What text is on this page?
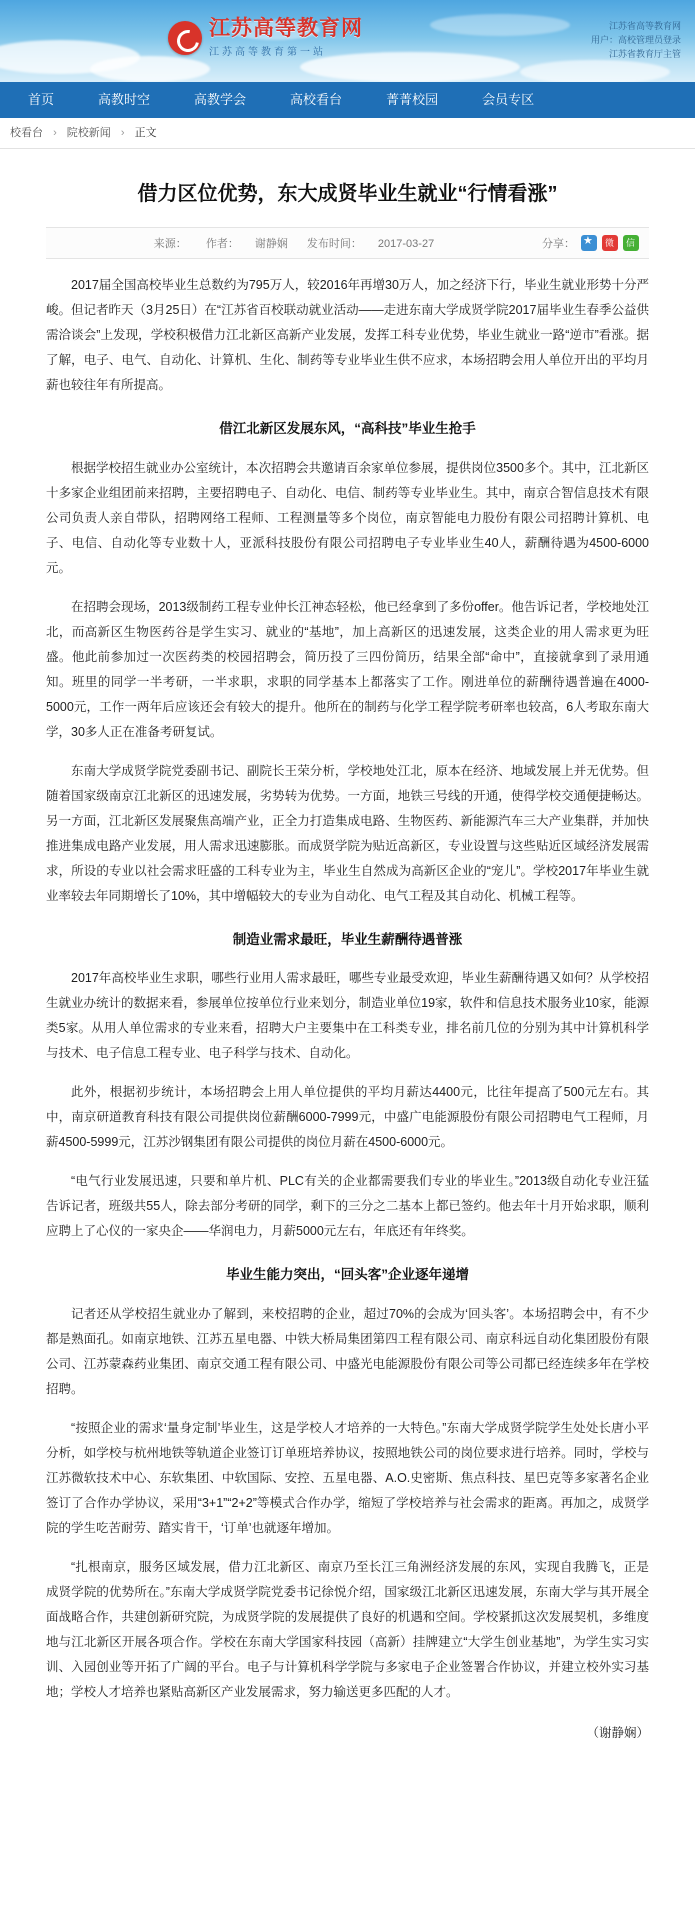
江苏高等教育网
江苏高等教育第一站
江苏省高等教育网
用户：高校管理员登录
江苏省教育厅主管
首页	高教时空	高教学会	高校看台	菁菁校园	会员专区
校看台 › 院校新闻 › 正文
借力区位优势，东大成贤毕业生就业“行情看涨”
来源： 作者： 谢静娴 发布时间： 2017-03-27	分享：
★
微
信

2017届全国高校毕业生总数约为795万人，较2016年再增30万人，加之经济下行，毕业生就业形势十分严峻。但记者昨天（3月25日）在“江苏省百校联动就业活动——走进东南大学成贤学院2017届毕业生春季公益供需洽谈会”上发现，学校积极借力江北新区高新产业发展，发挥工科专业优势，毕业生就业一路“逆市”看涨。据了解，电子、电气、自动化、计算机、生化、制药等专业毕业生供不应求，本场招聘会用人单位开出的平均月薪也较往年有所提高。

借江北新区发展东风，“高科技”毕业生抢手

根据学校招生就业办公室统计，本次招聘会共邀请百余家单位参展，提供岗位3500多个。其中，江北新区十多家企业组团前来招聘，主要招聘电子、自动化、电信、制药等专业毕业生。其中，南京合智信息技术有限公司负责人亲自带队，招聘网络工程师、工程测量等多个岗位，南京智能电力股份有限公司招聘计算机、电子、电信、自动化等专业数十人，亚派科技股份有限公司招聘电子专业毕业生40人，薪酬待遇为4500-6000元。

在招聘会现场，2013级制药工程专业仲长江神态轻松，他已经拿到了多份offer。他告诉记者，学校地处江北，而高新区生物医药谷是学生实习、就业的“基地”，加上高新区的迅速发展，这类企业的用人需求更为旺盛。他此前参加过一次医药类的校园招聘会，简历投了三四份简历，结果全部“命中”，直接就拿到了录用通知。班里的同学一半考研，一半求职，求职的同学基本上都落实了工作。刚进单位的薪酬待遇普遍在4000-5000元，工作一两年后应该还会有较大的提升。他所在的制药与化学工程学院考研率也较高，6人考取东南大学，30多人正在准备考研复试。

东南大学成贤学院党委副书记、副院长王荣分析，学校地处江北，原本在经济、地域发展上并无优势。但随着国家级南京江北新区的迅速发展，劣势转为优势。一方面，地铁三号线的开通，使得学校交通便捷畅达。另一方面，江北新区发展聚焦高端产业，正全力打造集成电路、生物医药、新能源汽车三大产业集群，并加快推进集成电路产业发展，用人需求迅速膨胀。而成贤学院为贴近高新区，专业设置与这些贴近区域经济发展需求，所设的专业以社会需求旺盛的工科专业为主，毕业生自然成为高新区企业的“宠儿”。学校2017年毕业生就业率较去年同期增长了10%，其中增幅较大的专业为自动化、电气工程及其自动化、机械工程等。

制造业需求最旺，毕业生薪酬待遇普涨

2017年高校毕业生求职，哪些行业用人需求最旺，哪些专业最受欢迎，毕业生薪酬待遇又如何？从学校招生就业办统计的数据来看，参展单位按单位行业来划分，制造业单位19家，软件和信息技术服务业10家，能源类5家。从用人单位需求的专业来看，招聘大户主要集中在工科类专业，排名前几位的分别为其中计算机科学与技术、电子信息工程专业、电子科学与技术、自动化。

此外，根据初步统计，本场招聘会上用人单位提供的平均月薪达4400元，比往年提高了500元左右。其中，南京研道教育科技有限公司提供岗位薪酬6000-7999元，中盛广电能源股份有限公司招聘电气工程师，月薪4500-5999元，江苏沙钢集团有限公司提供的岗位月薪在4500-6000元。

“电气行业发展迅速，只要和单片机、PLC有关的企业都需要我们专业的毕业生。”2013级自动化专业汪猛告诉记者，班级共55人，除去部分考研的同学，剩下的三分之二基本上都已签约。他去年十月开始求职，顺利应聘上了心仪的一家央企——华润电力，月薪5000元左右，年底还有年终奖。

毕业生能力突出，“回头客”企业逐年递增

记者还从学校招生就业办了解到，来校招聘的企业，超过70%的会成为‘回头客’。本场招聘会中，有不少都是熟面孔。如南京地铁、江苏五星电器、中铁大桥局集团第四工程有限公司、南京科远自动化集团股份有限公司、江苏蒙森药业集团、南京交通工程有限公司、中盛光电能源股份有限公司等公司都已经连续多年在学校招聘。

“按照企业的需求‘量身定制’毕业生，这是学校人才培养的一大特色。”东南大学成贤学院学生处处长唐小平分析，如学校与杭州地铁等轨道企业签订订单班培养协议，按照地铁公司的岗位要求进行培养。同时，学校与江苏微软技术中心、东软集团、中软国际、安控、五星电器、A.O.史密斯、焦点科技、星巴克等多家著名企业签订了合作办学协议，采用“3+1”“2+2”等模式合作办学，缩短了学校培养与社会需求的距离。再加之，成贤学院的学生吃苦耐劳、踏实肯干，‘订单’也就逐年增加。

“扎根南京，服务区域发展，借力江北新区、南京乃至长江三角洲经济发展的东风，实现自我腾飞，正是成贤学院的优势所在。”东南大学成贤学院党委书记徐悦介绍，国家级江北新区迅速发展，东南大学与其开展全面战略合作，共建创新研究院，为成贤学院的发展提供了良好的机遇和空间。学校紧抓这次发展契机，多维度地与江北新区开展各项合作。学校在东南大学国家科技园（高新）挂牌建立“大学生创业基地”，为学生实习实训、入园创业等开拓了广阔的平台。电子与计算机科学学院与多家电子企业签署合作协议，并建立校外实习基地；学校人才培养也紧贴高新区产业发展需求，努力输送更多匹配的人才。

（谢静娴）
